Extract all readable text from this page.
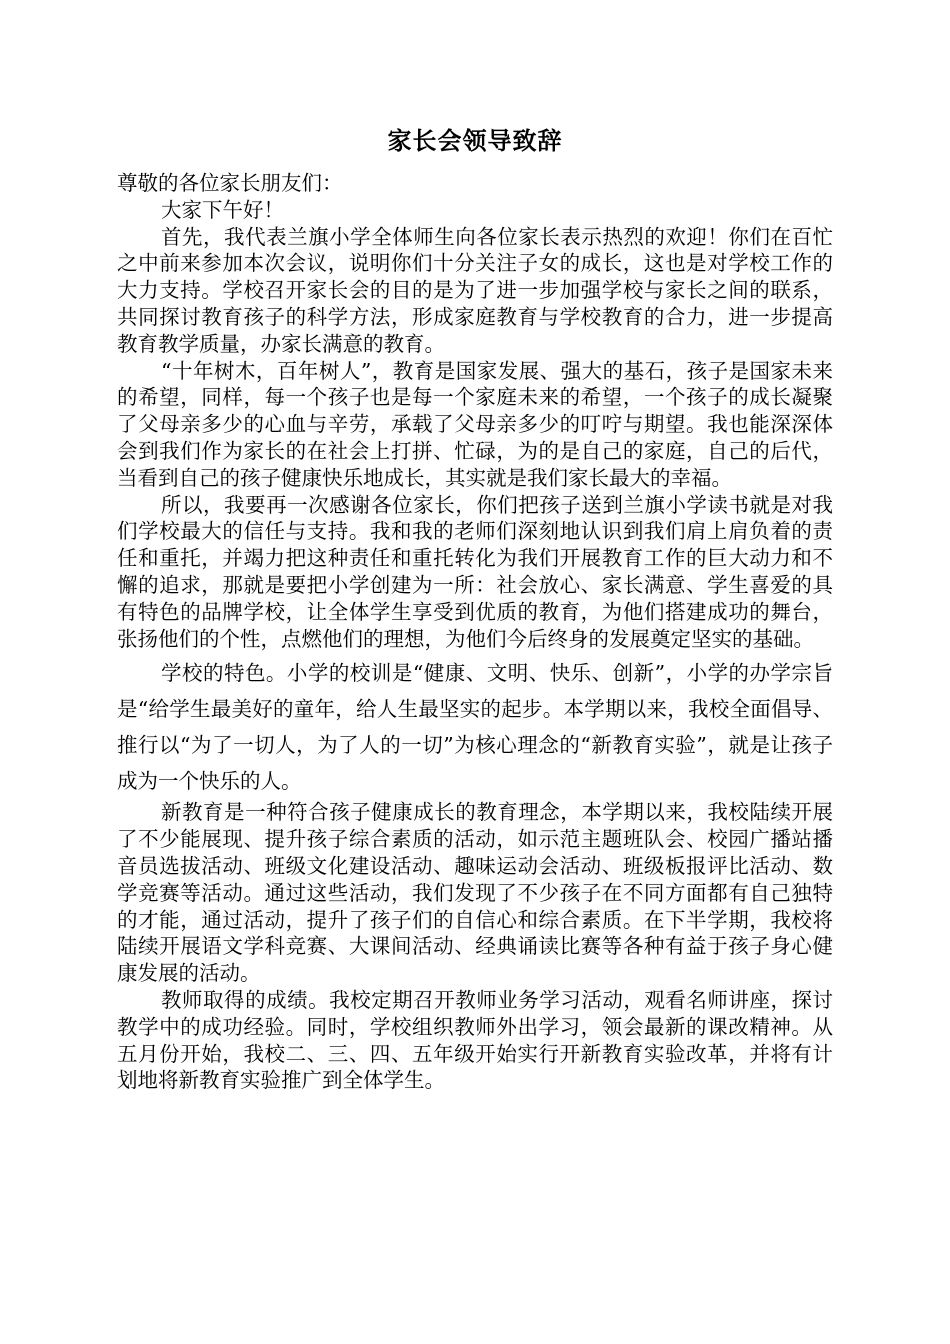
家长会领导致辞

尊敬的各位家长朋友们：

大家下午好！

首先，我代表兰旗小学全体师生向各位家长表示热烈的欢迎！你们在百忙之中前来参加本次会议，说明你们十分关注子女的成长，这也是对学校工作的大力支持。学校召开家长会的目的是为了进一步加强学校与家长之间的联系，共同探讨教育孩子的科学方法，形成家庭教育与学校教育的合力，进一步提高教育教学质量，办家长满意的教育。

“十年树木，百年树人”，教育是国家发展、强大的基石，孩子是国家未来的希望，同样，每一个孩子也是每一个家庭未来的希望，一个孩子的成长凝聚了父母亲多少的心血与辛劳，承载了父母亲多少的叮咛与期望。我也能深深体会到我们作为家长的在社会上打拼、忙碌，为的是自己的家庭，自己的后代，当看到自己的孩子健康快乐地成长，其实就是我们家长最大的幸福。

所以，我要再一次感谢各位家长，你们把孩子送到兰旗小学读书就是对我们学校最大的信任与支持。我和我的老师们深刻地认识到我们肩上肩负着的责任和重托，并竭力把这种责任和重托转化为我们开展教育工作的巨大动力和不懈的追求，那就是要把小学创建为一所：社会放心、家长满意、学生喜爱的具有特色的品牌学校，让全体学生享受到优质的教育，为他们搭建成功的舞台，张扬他们的个性，点燃他们的理想，为他们今后终身的发展奠定坚实的基础。

学校的特色。小学的校训是“健康、文明、快乐、创新”，小学的办学宗旨是“给学生最美好的童年，给人生最坚实的起步。本学期以来，我校全面倡导、推行以“为了一切人，为了人的一切”为核心理念的“新教育实验”，就是让孩子成为一个快乐的人。

新教育是一种符合孩子健康成长的教育理念，本学期以来，我校陆续开展了不少能展现、提升孩子综合素质的活动，如示范主题班队会、校园广播站播音员选拔活动、班级文化建设活动、趣味运动会活动、班级板报评比活动、数学竞赛等活动。通过这些活动，我们发现了不少孩子在不同方面都有自己独特的才能，通过活动，提升了孩子们的自信心和综合素质。在下半学期，我校将陆续开展语文学科竞赛、大课间活动、经典诵读比赛等各种有益于孩子身心健康发展的活动。

教师取得的成绩。我校定期召开教师业务学习活动，观看名师讲座，探讨教学中的成功经验。同时，学校组织教师外出学习，领会最新的课改精神。从五月份开始，我校二、三、四、五年级开始实行开新教育实验改革，并将有计划地将新教育实验推广到全体学生。
